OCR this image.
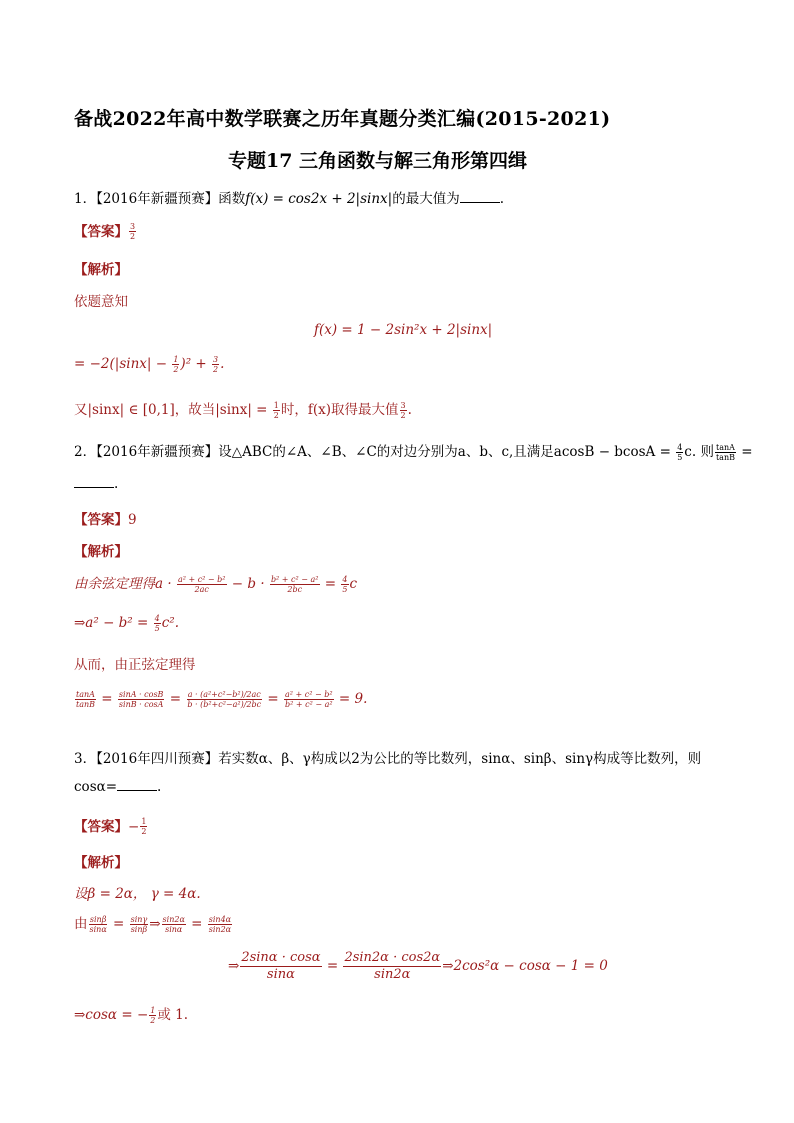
备战2022年高中数学联赛之历年真题分类汇编(2015-2021)
专题17 三角函数与解三角形第四缉
1．【2016年新疆预赛】函数f(x) = cos2x + 2|sinx|的最大值为	.
【答案】 $\frac{3}{2}$
【解析】
依题意知
f(x) = 1 − 2sin²x + 2|sinx|
= $-2(|\sin x| - \frac{1}{2} )^2 + \frac{3}{2}$ .
又|sinx| ∈ [0,1]，故当$|\sin x| = \frac{1}{2}$ 时，f(x)取得最大值 $\frac{3}{2}$ .
2．【2016年新疆预赛】设△ABC的∠A、∠B、∠C的对边分别为a、b、c,且满足$acosB - bcosA = \frac{4}{5} c$. 则 $\frac{\tan A}{\tan B}$ =
.
【答案】9
【解析】
由余弦定理得$a \cdot \frac{\text{a² + c² − b²}}{2ac} - b \cdot \frac{\text{b² + c² − a²}}{2bc} = \frac{4}{5}$ c
⇒a² − $b^2 = \frac{4}{5} c^2$.
从而，由正弦定理得
$\frac{\tan A}{\tan B} = \frac{\sin A \cdot \cos B}{\sin B \cdot \cos A} = \frac{\text{a · (a²+c²−b²)/2ac}}{\text{b · (b²+c²−a²)/2bc}} = \frac{\text{a² + c² − b²}}{\text{b² + c² − a²}} = 9$.
3．【2016年四川预赛】若实数α、β、γ构成以2为公比的等比数列，sinα、sinβ、sinγ构成等比数列，则
cosα=	.
【答案】− $\frac{1}{2}$
【解析】
设β = 2α， γ = 4α.
由 $\frac{\sin\beta}{\sin\alpha} = \frac{\sin\gamma}{\sin\beta}$ ⇒ $\frac{\sin 2\alpha}{\sin\alpha} = \frac{\sin 4\alpha}{\sin 2\alpha}$
⇒ $\frac{2\sin\alpha \cdot \cos\alpha}{\sin\alpha} = \frac{2\sin 2\alpha \cdot \cos 2\alpha}{\sin 2\alpha}$ ⇒2cos²α − cosα − 1 = 0
⇒cosα = − $\frac{1}{2}$ 或 1.
